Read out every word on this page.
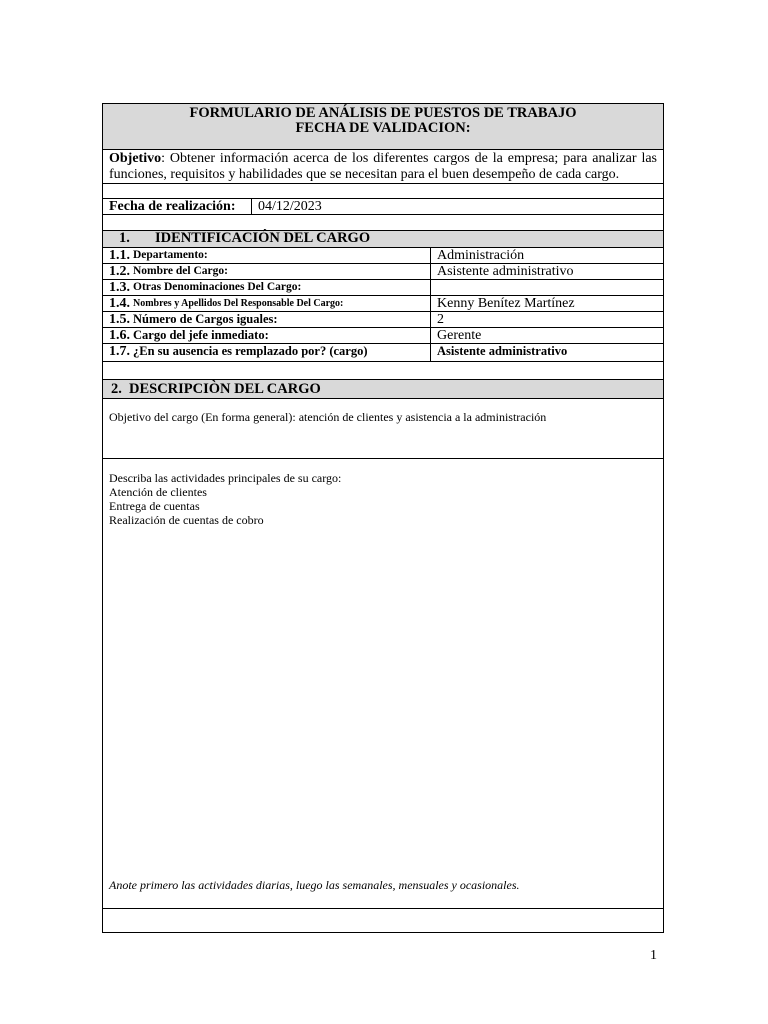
FORMULARIO DE ANÁLISIS DE PUESTOS DE TRABAJO
FECHA DE VALIDACION:
Objetivo: Obtener información acerca de los diferentes cargos de la empresa; para analizar las funciones, requisitos y habilidades que se necesitan para el buen desempeño de cada cargo.
Fecha de realización: 04/12/2023
1. IDENTIFICACIÓN DEL CARGO
1.1. Departamento:	Administración
1.2. Nombre del Cargo:	Asistente administrativo
1.3. Otras Denominaciones Del Cargo:
1.4. Nombres y Apellidos Del Responsable Del Cargo:	Kenny Benítez Martínez
1.5. Número de Cargos iguales:	2
1.6. Cargo del jefe inmediato:	Gerente
1.7. ¿En su ausencia es remplazado por? (cargo)	Asistente administrativo
2. DESCRIPCIÒN DEL CARGO
Objetivo del cargo (En forma general): atención de clientes y asistencia a la administración
Describa las actividades principales de su cargo:
Atención de clientes
Entrega de cuentas
Realización de cuentas de cobro
Anote primero las actividades diarias, luego las semanales, mensuales y ocasionales.
1
